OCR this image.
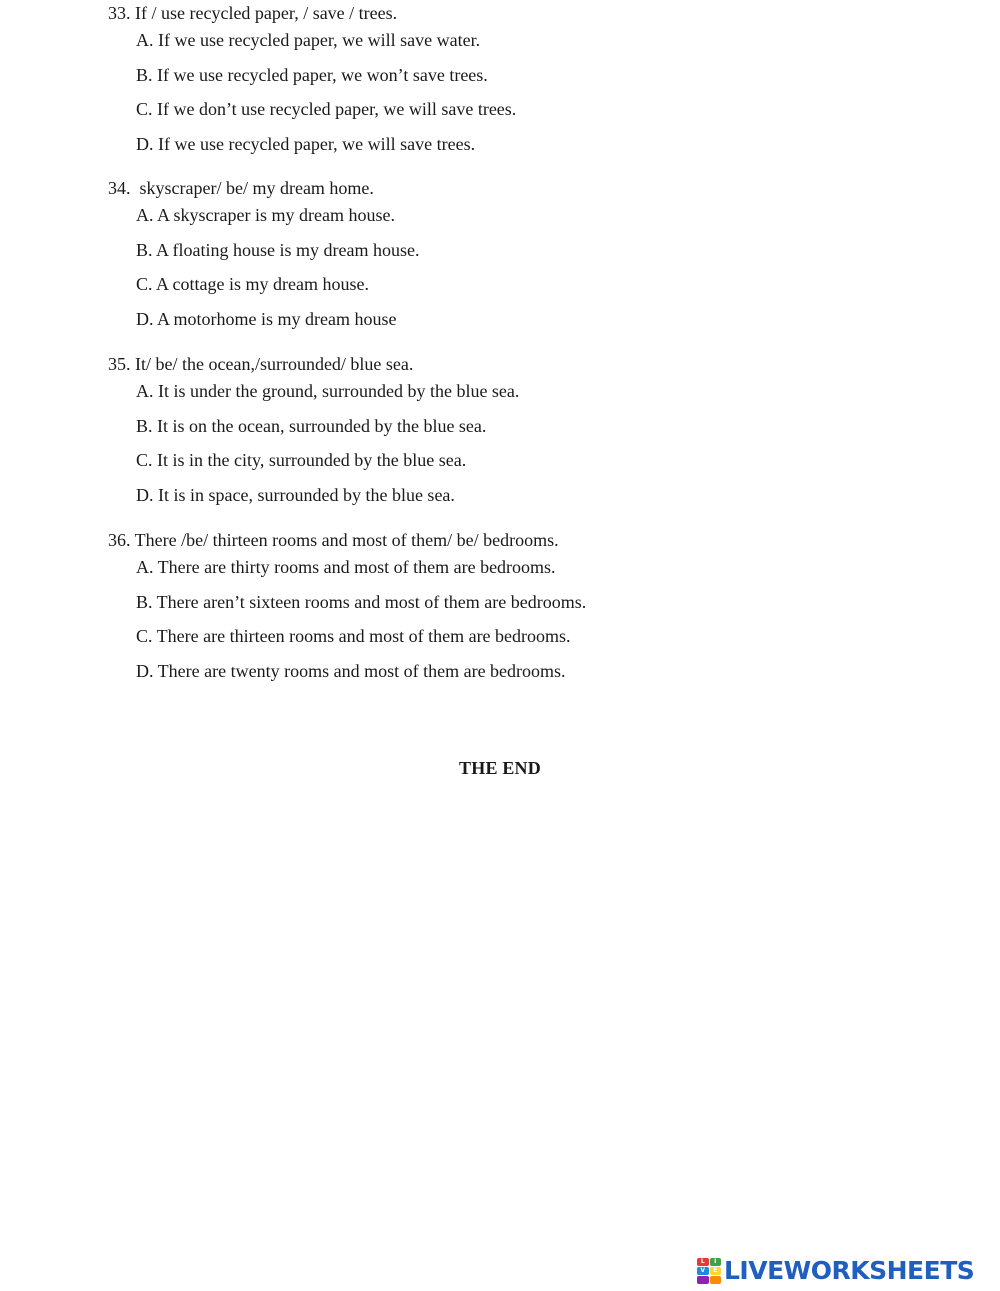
33. If / use recycled paper, / save / trees.
A. If we use recycled paper, we will save water.
B. If we use recycled paper, we won’t save trees.
C. If we don’t use recycled paper, we will save trees.
D. If we use recycled paper, we will save trees.
34.  skyscraper/ be/ my dream home.
A. A skyscraper is my dream house.
B. A floating house is my dream house.
C. A cottage is my dream house.
D. A motorhome is my dream house
35. It/ be/ the ocean,/surrounded/ blue sea.
A. It is under the ground, surrounded by the blue sea.
B. It is on the ocean, surrounded by the blue sea.
C. It is in the city, surrounded by the blue sea.
D. It is in space, surrounded by the blue sea.
36. There /be/ thirteen rooms and most of them/ be/ bedrooms.
A. There are thirty rooms and most of them are bedrooms.
B. There aren’t sixteen rooms and most of them are bedrooms.
C. There are thirteen rooms and most of them are bedrooms.
D. There are twenty rooms and most of them are bedrooms.
THE END
L	I
V	E LIVEWORKSHEETS
